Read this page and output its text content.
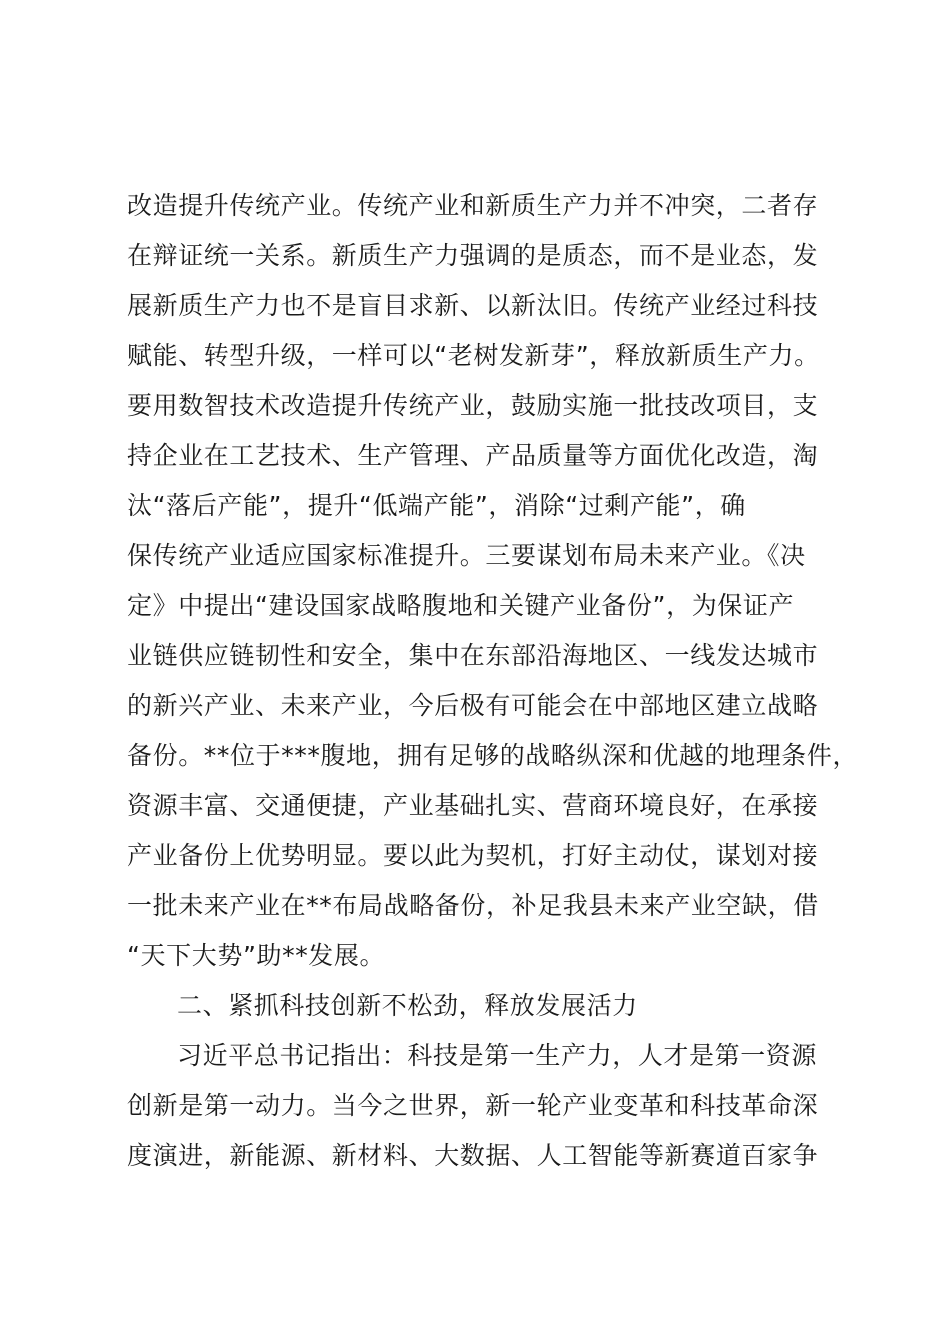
改造提升传统产业。传统产业和新质生产力并不冲突，二者存
在辩证统一关系。新质生产力强调的是质态，而不是业态，发
展新质生产力也不是盲目求新、以新汰旧。传统产业经过科技
赋能、转型升级，一样可以“老树发新芽”，释放新质生产力。
要用数智技术改造提升传统产业，鼓励实施一批技改项目，支
持企业在工艺技术、生产管理、产品质量等方面优化改造，淘
汰“落后产能”，提升“低端产能”，消除“过剩产能”，确
保传统产业适应国家标准提升。三要谋划布局未来产业。《决
定》中提出“建设国家战略腹地和关键产业备份”，为保证产
业链供应链韧性和安全，集中在东部沿海地区、一线发达城市
的新兴产业、未来产业，今后极有可能会在中部地区建立战略
备份。**位于***腹地，拥有足够的战略纵深和优越的地理条件，
资源丰富、交通便捷，产业基础扎实、营商环境良好，在承接
产业备份上优势明显。要以此为契机，打好主动仗，谋划对接
一批未来产业在**布局战略备份，补足我县未来产业空缺，借
“天下大势”助**发展。
二、紧抓科技创新不松劲，释放发展活力
习近平总书记指出：科技是第一生产力，人才是第一资源
创新是第一动力。当今之世界，新一轮产业变革和科技革命深
度演进，新能源、新材料、大数据、人工智能等新赛道百家争
